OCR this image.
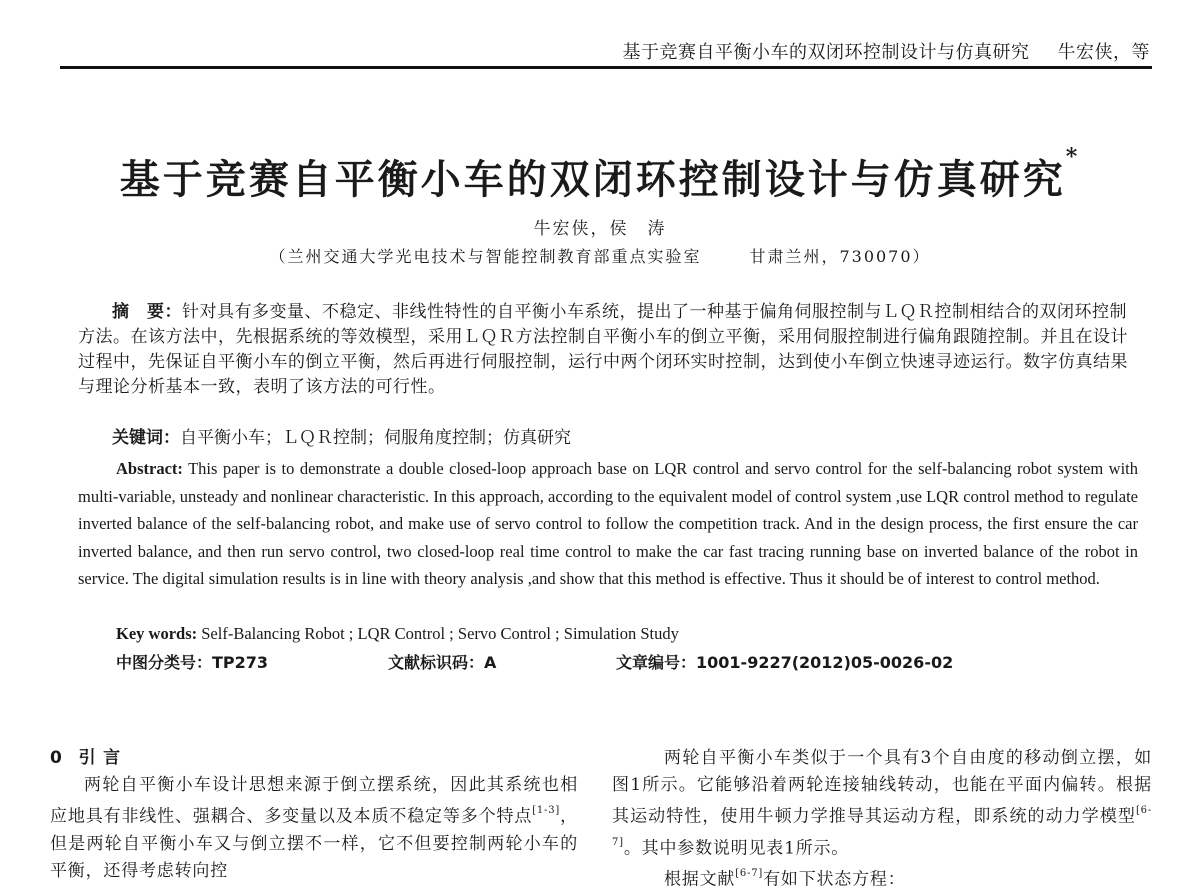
基于竞赛自平衡小车的双闭环控制设计与仿真研究 牛宏侠，等
基于竞赛自平衡小车的双闭环控制设计与仿真研究*
牛宏侠，侯　涛
（兰州交通大学光电技术与智能控制教育部重点实验室	甘肃兰州，730070）
摘　要：针对具有多变量、不稳定、非线性特性的自平衡小车系统，提出了一种基于偏角伺服控制与ＬＱＲ控制相结合的双闭环控制方法。在该方法中，先根据系统的等效模型，采用ＬＱＲ方法控制自平衡小车的倒立平衡，采用伺服控制进行偏角跟随控制。并且在设计过程中，先保证自平衡小车的倒立平衡，然后再进行伺服控制，运行中两个闭环实时控制，达到使小车倒立快速寻迹运行。数字仿真结果与理论分析基本一致，表明了该方法的可行性。
关键词：自平衡小车；ＬＱＲ控制；伺服角度控制；仿真研究
Abstract: This paper is to demonstrate a double closed-loop approach base on LQR control and servo control for the self-balancing robot system with multi-variable, unsteady and nonlinear characteristic. In this approach, according to the equivalent model of control system ,use LQR control method to regulate inverted balance of the self-balancing robot, and make use of servo control to follow the competition track. And in the design process, the first ensure the car inverted balance, and then run servo control, two closed-loop real time control to make the car fast tracing running base on inverted balance of the robot in service. The digital simulation results is in line with theory analysis ,and show that this method is effective. Thus it should be of interest to control method.
Key words: Self-Balancing Robot ; LQR Control ; Servo Control ; Simulation Study
中图分类号：TP273	文献标识码：A	文章编号：1001-9227(2012)05-0026-02

0 引 言

两轮自平衡小车设计思想来源于倒立摆系统，因此其系统也相应地具有非线性、强耦合、多变量以及本质不稳定等多个特点[1-3]，但是两轮自平衡小车又与倒立摆不一样，它不但要控制两轮小车的平衡，还得考虑转向控

两轮自平衡小车类似于一个具有3个自由度的移动倒立摆，如图1所示。它能够沿着两轮连接轴线转动，也能在平面内偏转。根据其运动特性，使用牛顿力学推导其运动方程，即系统的动力学模型[6-7]。其中参数说明见表1所示。

根据文献[6-7]有如下状态方程：
